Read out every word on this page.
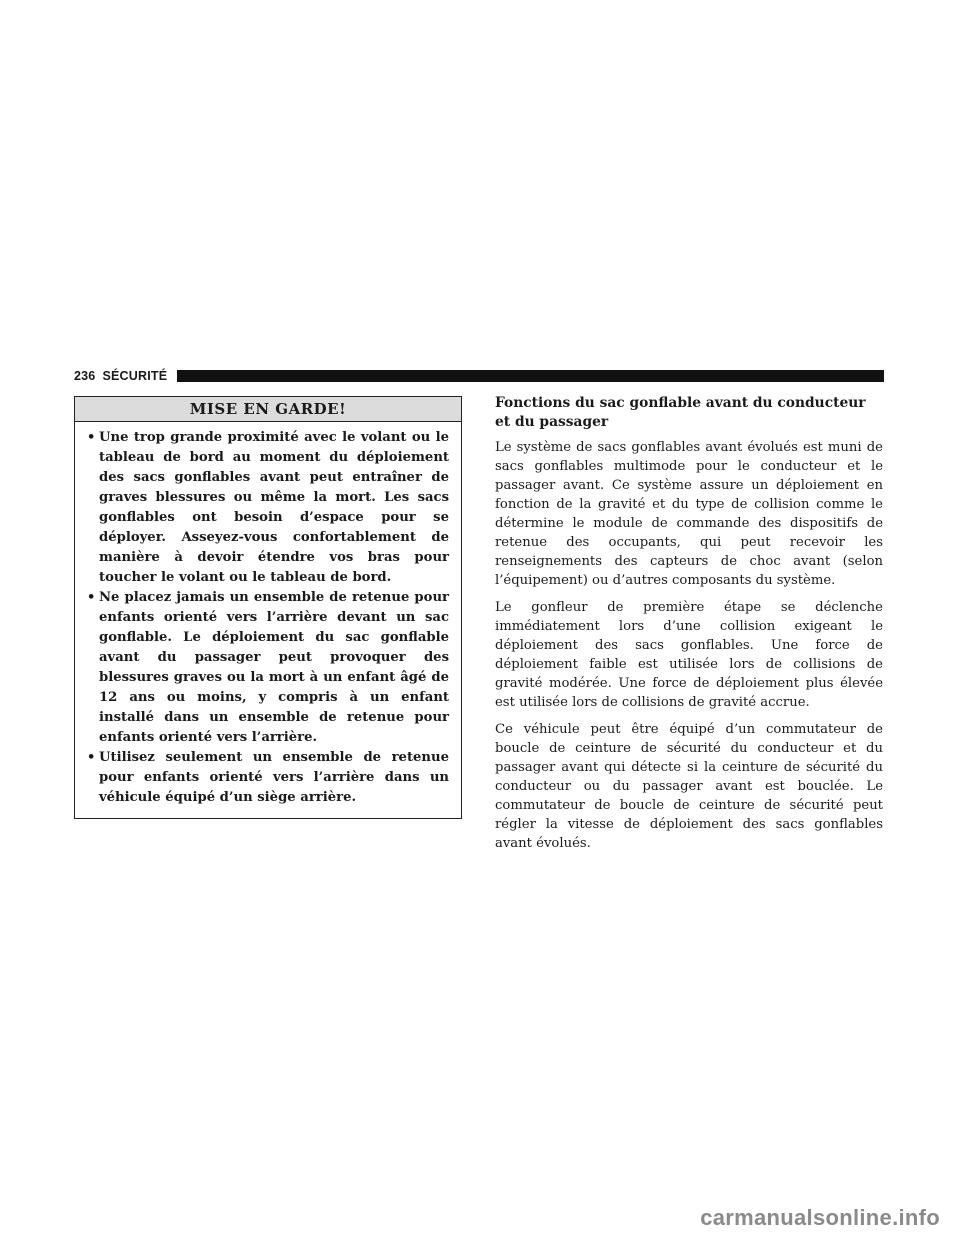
236 SÉCURITÉ
MISE EN GARDE!
• Une trop grande proximité avec le volant ou le tableau de bord au moment du déploiement des sacs gonflables avant peut entraîner de graves blessures ou même la mort. Les sacs gonflables ont besoin d’espace pour se déployer. Asseyez-vous confortablement de manière à devoir étendre vos bras pour toucher le volant ou le tableau de bord.
• Ne placez jamais un ensemble de retenue pour enfants orienté vers l’arrière devant un sac gonflable. Le déploiement du sac gonflable avant du passager peut provoquer des blessures graves ou la mort à un enfant âgé de 12 ans ou moins, y compris à un enfant installé dans un ensemble de retenue pour enfants orienté vers l’arrière.
• Utilisez seulement un ensemble de retenue pour enfants orienté vers l’arrière dans un véhicule équipé d’un siège arrière.
Fonctions du sac gonflable avant du conducteur et du passager

Le système de sacs gonflables avant évolués est muni de sacs gonflables multimode pour le conducteur et le passager avant. Ce système assure un déploiement en fonction de la gravité et du type de collision comme le détermine le module de commande des dispositifs de retenue des occupants, qui peut recevoir les renseignements des capteurs de choc avant (selon l’équipement) ou d’autres composants du système.

Le gonfleur de première étape se déclenche immédiatement lors d’une collision exigeant le déploiement des sacs gonflables. Une force de déploiement faible est utilisée lors de collisions de gravité modérée. Une force de déploiement plus élevée est utilisée lors de collisions de gravité accrue.

Ce véhicule peut être équipé d’un commutateur de boucle de ceinture de sécurité du conducteur et du passager avant qui détecte si la ceinture de sécurité du conducteur ou du passager avant est bouclée. Le commutateur de boucle de ceinture de sécurité peut régler la vitesse de déploiement des sacs gonflables avant évolués.

carmanualsonline.info
